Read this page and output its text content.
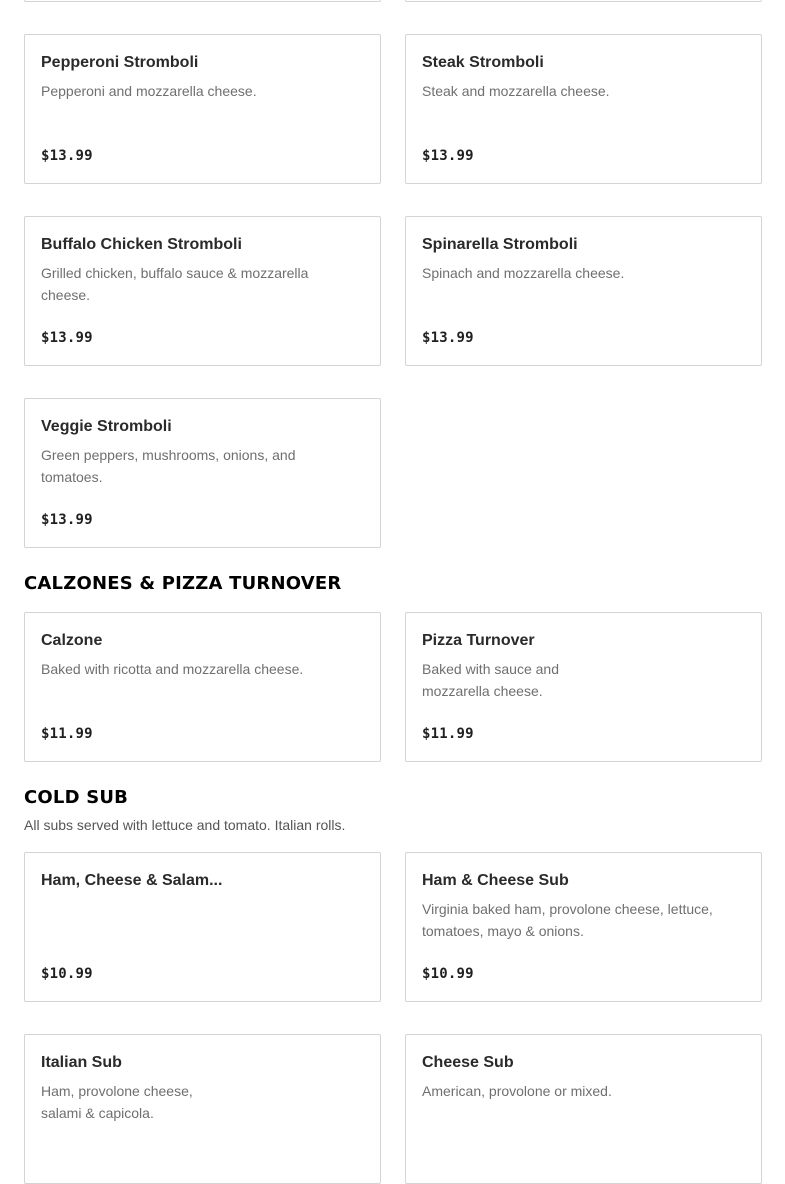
Pepperoni Stromboli
Pepperoni and mozzarella cheese.
$13.99
Steak Stromboli
Steak and mozzarella cheese.
$13.99
Buffalo Chicken Stromboli
Grilled chicken, buffalo sauce & mozzarella
cheese.
$13.99
Spinarella Stromboli
Spinach and mozzarella cheese.
$13.99
Veggie Stromboli
Green peppers, mushrooms, onions, and
tomatoes.
$13.99
CALZONES & PIZZA TURNOVER
Calzone
Baked with ricotta and mozzarella cheese.
$11.99
Pizza Turnover
Baked with sauce and
mozzarella cheese.
$11.99
COLD SUB
All subs served with lettuce and tomato. Italian rolls.
Ham, Cheese & Salam...
$10.99
Ham & Cheese Sub
Virginia baked ham, provolone cheese, lettuce,
tomatoes, mayo & onions.
$10.99
Italian Sub
Ham, provolone cheese,
salami & capicola.
Cheese Sub
American, provolone or mixed.
